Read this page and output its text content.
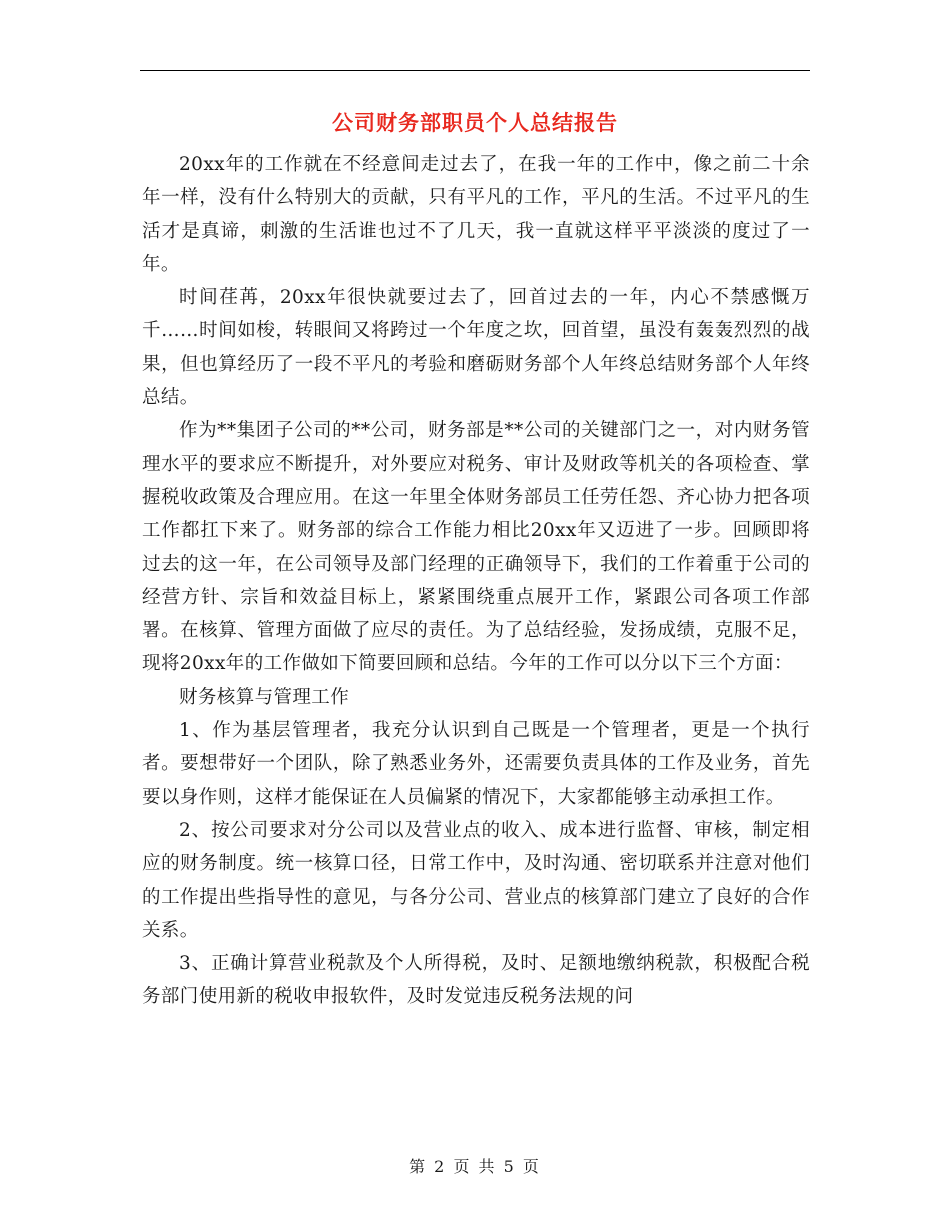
公司财务部职员个人总结报告

20xx年的工作就在不经意间走过去了，在我一年的工作中，像之前二十余年一样，没有什么特别大的贡献，只有平凡的工作，平凡的生活。不过平凡的生活才是真谛，刺激的生活谁也过不了几天，我一直就这样平平淡淡的度过了一年。

时间荏苒，20xx年很快就要过去了，回首过去的一年，内心不禁感慨万千……时间如梭，转眼间又将跨过一个年度之坎，回首望，虽没有轰轰烈烈的战果，但也算经历了一段不平凡的考验和磨砺财务部个人年终总结财务部个人年终总结。

作为**集团子公司的**公司，财务部是**公司的关键部门之一，对内财务管理水平的要求应不断提升，对外要应对税务、审计及财政等机关的各项检查、掌握税收政策及合理应用。在这一年里全体财务部员工任劳任怨、齐心协力把各项工作都扛下来了。财务部的综合工作能力相比20xx年又迈进了一步。回顾即将过去的这一年，在公司领导及部门经理的正确领导下，我们的工作着重于公司的经营方针、宗旨和效益目标上，紧紧围绕重点展开工作，紧跟公司各项工作部署。在核算、管理方面做了应尽的责任。为了总结经验，发扬成绩，克服不足，现将20xx年的工作做如下简要回顾和总结。今年的工作可以分以下三个方面：

财务核算与管理工作

1、作为基层管理者，我充分认识到自己既是一个管理者，更是一个执行者。要想带好一个团队，除了熟悉业务外，还需要负责具体的工作及业务，首先要以身作则，这样才能保证在人员偏紧的情况下，大家都能够主动承担工作。

2、按公司要求对分公司以及营业点的收入、成本进行监督、审核，制定相应的财务制度。统一核算口径，日常工作中，及时沟通、密切联系并注意对他们的工作提出些指导性的意见，与各分公司、营业点的核算部门建立了良好的合作关系。

3、正确计算营业税款及个人所得税，及时、足额地缴纳税款，积极配合税务部门使用新的税收申报软件，及时发觉违反税务法规的问

第 2 页 共 5 页
